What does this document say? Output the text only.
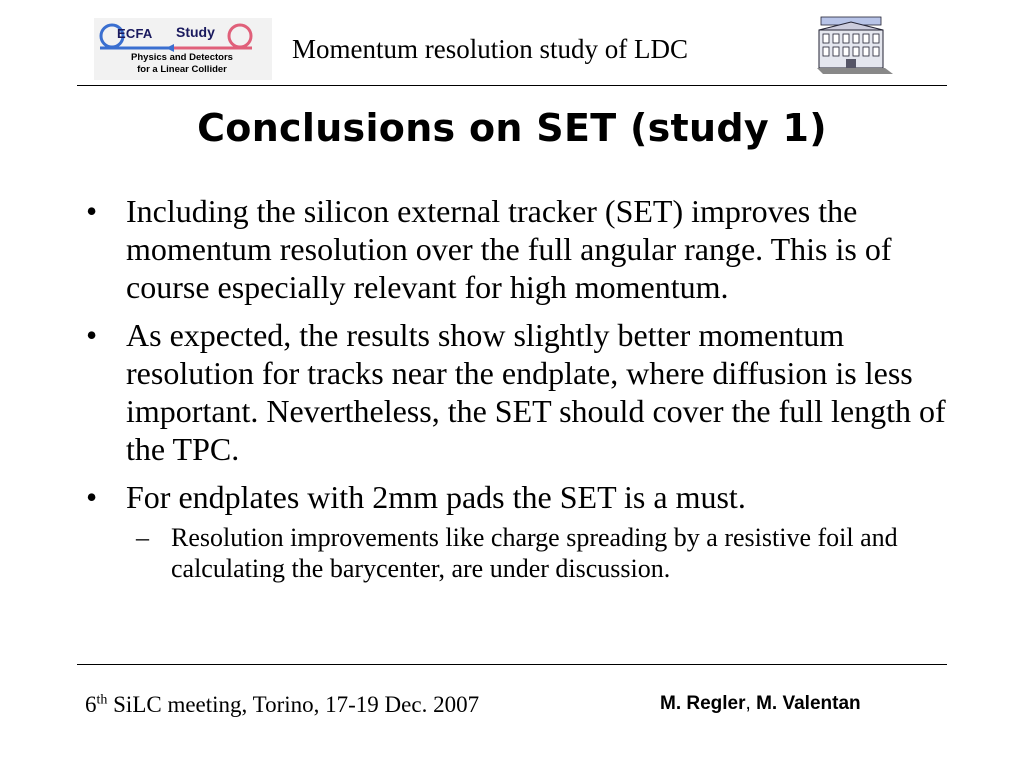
ECFA Study
Physics and Detectors
for a Linear Collider
Momentum resolution study of LDC
Conclusions on SET (study 1)
• Including the silicon external tracker (SET) improves the momentum resolution over the full angular range. This is of course especially relevant for high momentum.
• As expected, the results show slightly better momentum resolution for tracks near the endplate, where diffusion is less important. Nevertheless, the SET should cover the full length of the TPC.
• For endplates with 2mm pads the SET is a must.
– Resolution improvements like charge spreading by a resistive foil and calculating the barycenter, are under discussion.
6th SiLC meeting, Torino, 17-19 Dec. 2007	M. Regler, M. Valentan
